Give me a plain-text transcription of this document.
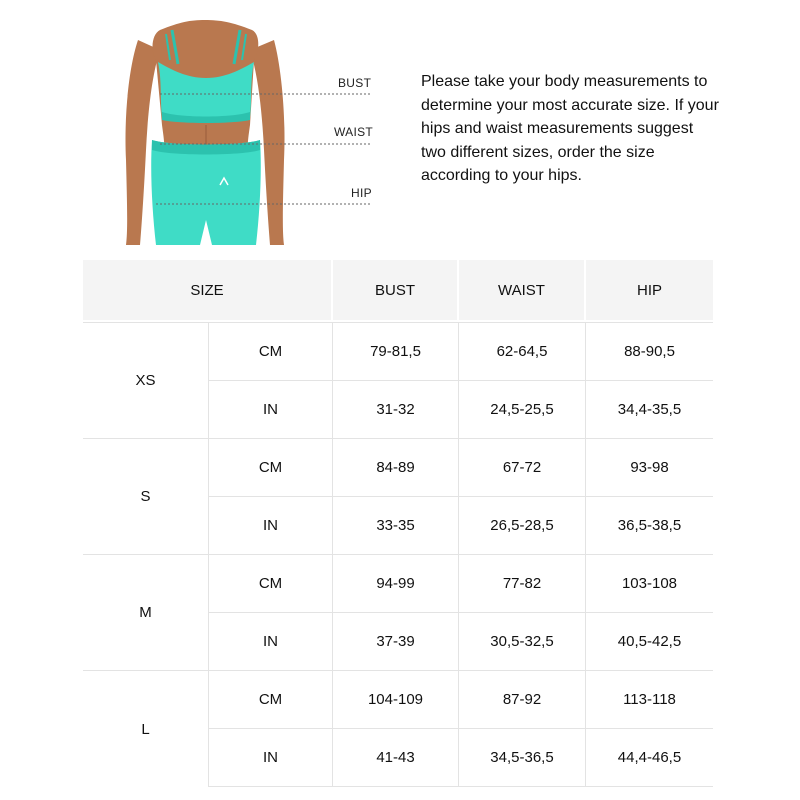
BUST
WAIST
HIP

Please take your body measurements to determine your most accurate size. If your hips and waist measurements suggest two different sizes, order the size according to your hips.

SIZE		BUST	WAIST	HIP
XS	CM	79-81,5	62-64,5	88-90,5
	IN	31-32	24,5-25,5	34,4-35,5
S	CM	84-89	67-72	93-98
	IN	33-35	26,5-28,5	36,5-38,5
M	CM	94-99	77-82	103-108
	IN	37-39	30,5-32,5	40,5-42,5
L	CM	104-109	87-92	113-118
	IN	41-43	34,5-36,5	44,4-46,5
